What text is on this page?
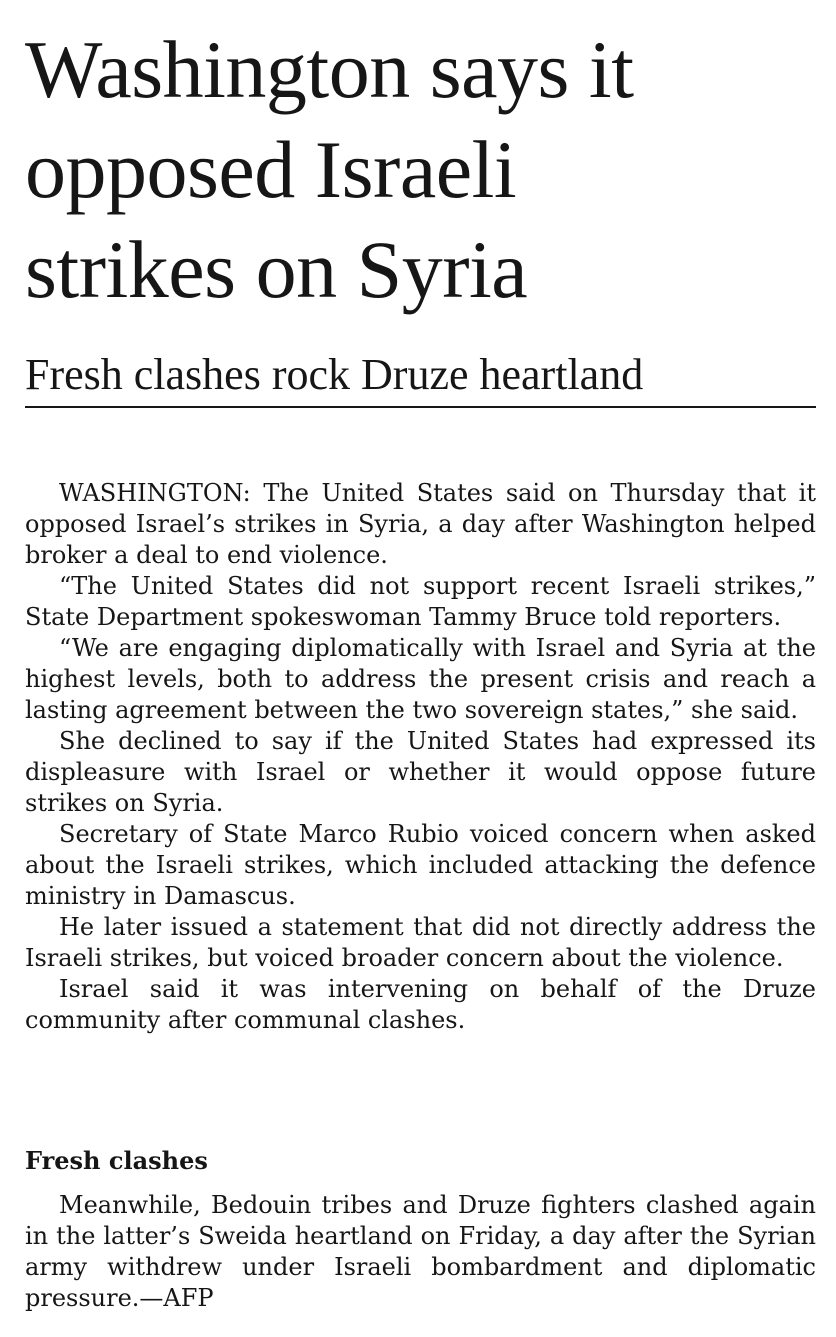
Washington says it
opposed Israeli
strikes on Syria
Fresh clashes rock Druze heartland

WASHINGTON: The United States said on Thursday that it opposed Israel’s strikes in Syria, a day after Washington helped broker a deal to end violence.

“The United States did not support recent Israeli strikes,” State Department spokeswoman Tammy Bruce told reporters.

“We are engaging diplomatically with Israel and Syria at the highest levels, both to address the present crisis and reach a lasting agreement between the two sovereign states,” she said.

She declined to say if the United States had expressed its displeasure with Israel or whether it would oppose future strikes on Syria.

Secretary of State Marco Rubio voiced concern when asked about the Israeli strikes, which included attacking the defence ministry in Damascus.

He later issued a statement that did not directly address the Israeli strikes, but voiced broader concern about the violence.

Israel said it was intervening on behalf of the Druze community after communal clashes.

Fresh clashes

Meanwhile, Bedouin tribes and Druze fighters clashed again in the latter’s Sweida heartland on Friday, a day after the Syrian army withdrew under Israeli bombardment and diplomatic pressure.—AFP
